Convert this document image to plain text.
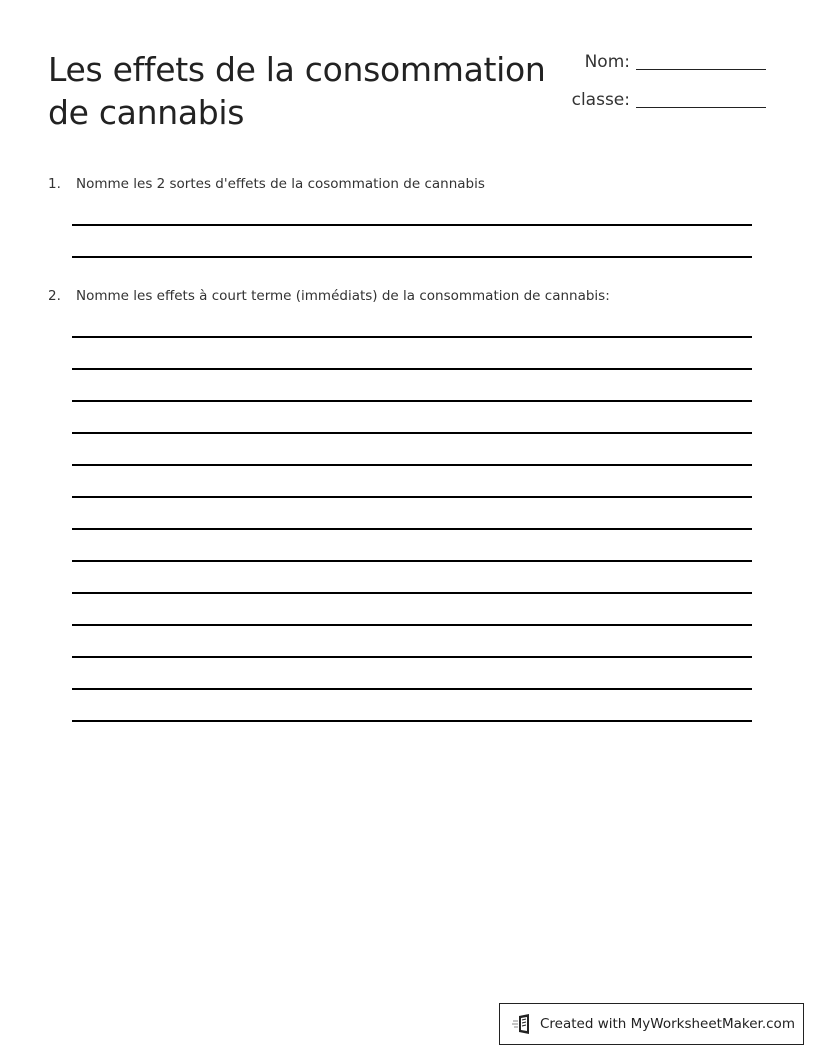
Les effets de la consommation
de cannabis
Nom:
classe:
1.	Nomme les 2 sortes d'effets de la cosommation de cannabis
2.	Nomme les effets à court terme (immédiats) de la consommation de cannabis:
Created with MyWorksheetMaker.com
